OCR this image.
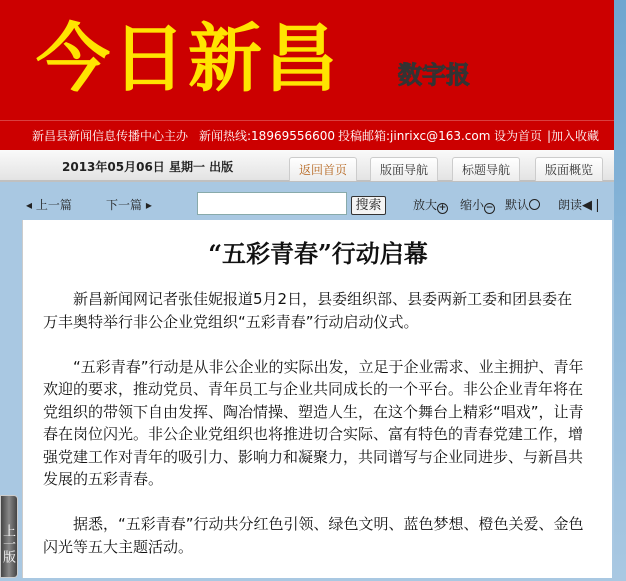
今日新昌 数字报
新昌县新闻信息传播中心主办 新闻热线:18969556600 投稿邮箱:jinrixc@163.com 设为首页 |加入收藏
2013年05月06日 星期一 出版	返回首页	版面导航	标题导航	版面概览
◂ 上一篇	下一篇 ▸	搜索	放大 + 缩小 − 默认	朗读◀❘
“五彩青春”行动启幕

新昌新闻网记者张佳妮报道5月2日，县委组织部、县委两新工委和团县委在万丰奥特举行非公企业党组织“五彩青春”行动启动仪式。

“五彩青春”行动是从非公企业的实际出发，立足于企业需求、业主拥护、青年欢迎的要求，推动党员、青年员工与企业共同成长的一个平台。非公企业青年将在党组织的带领下自由发挥、陶冶情操、塑造人生，在这个舞台上精彩“唱戏”，让青春在岗位闪光。非公企业党组织也将推进切合实际、富有特色的青春党建工作，增强党建工作对青年的吸引力、影响力和凝聚力，共同谱写与企业同进步、与新昌共发展的五彩青春。

据悉，“五彩青春”行动共分红色引领、绿色文明、蓝色梦想、橙色关爱、金色闪光等五大主题活动。

上一版
